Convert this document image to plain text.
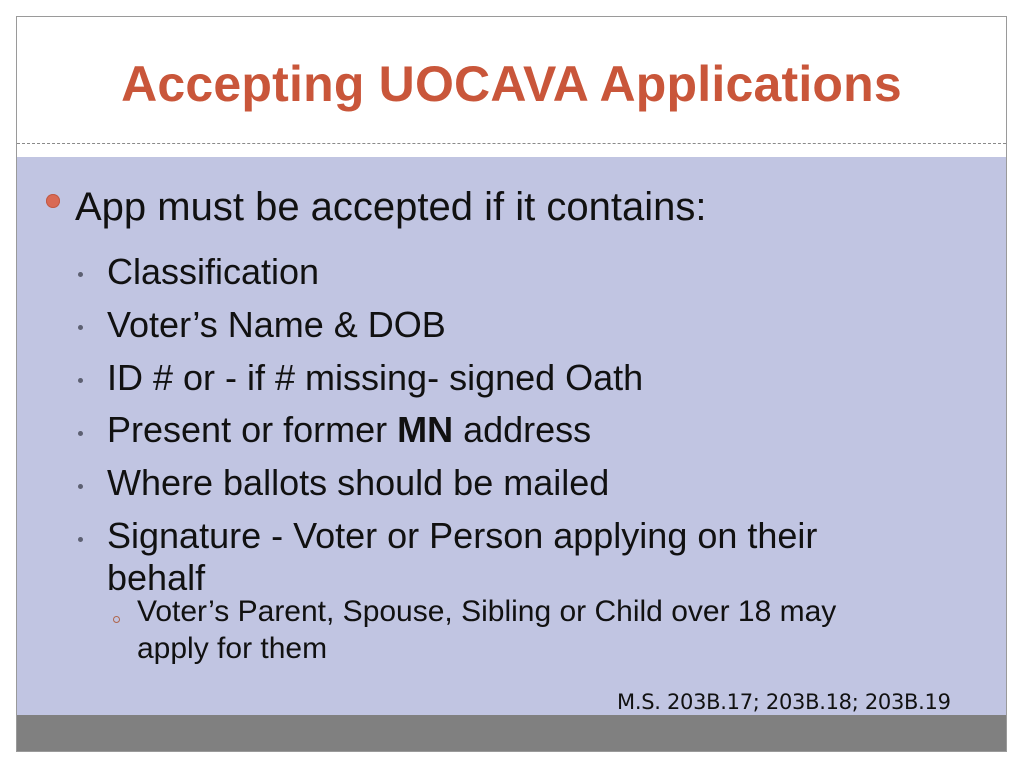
Accepting UOCAVA Applications
App must be accepted if it contains:
Classification
Voter’s Name & DOB
ID # or - if # missing- signed Oath
Present or former MN address
Where ballots should be mailed
Signature - Voter or Person applying on their
behalf
Voter’s Parent, Spouse, Sibling or Child over 18 may
apply for them
M.S. 203B.17; 203B.18; 203B.19
